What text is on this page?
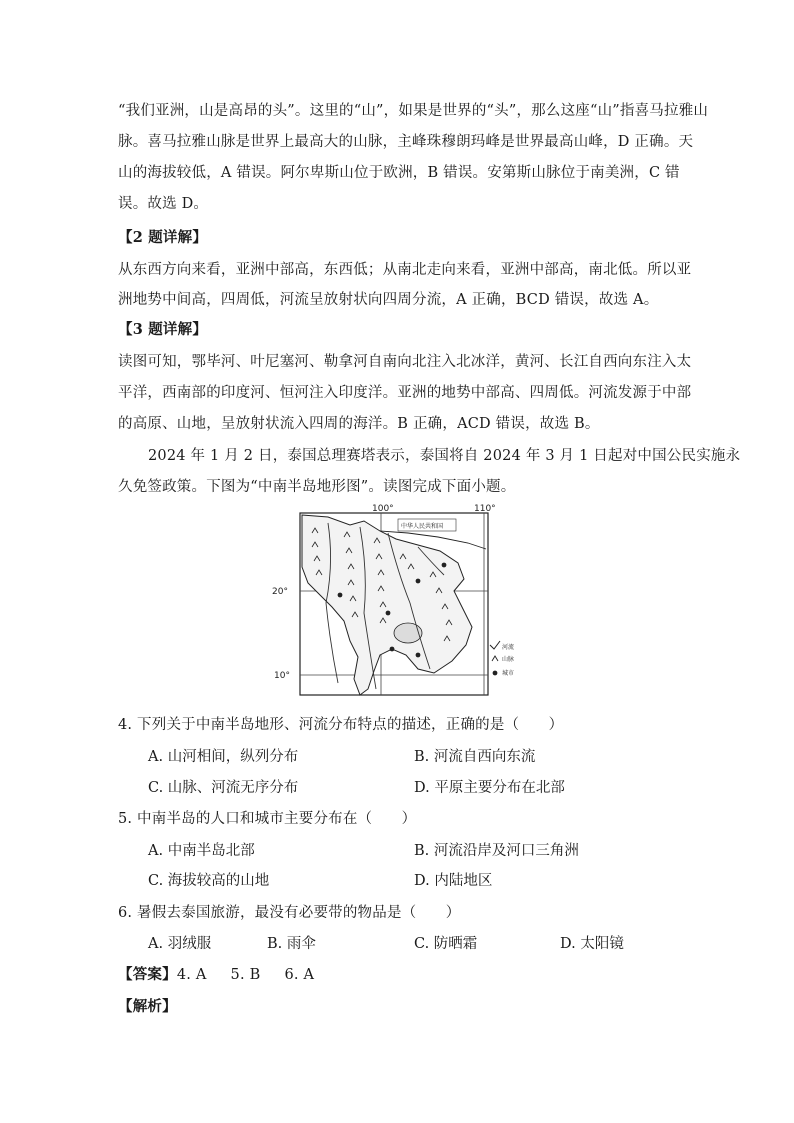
“我们亚洲，山是高昂的头”。这里的“山”，如果是世界的“头”，那么这座“山”指喜马拉雅山
脉。喜马拉雅山脉是世界上最高大的山脉，主峰珠穆朗玛峰是世界最高山峰，D 正确。天
山的海拔较低，A 错误。阿尔卑斯山位于欧洲，B 错误。安第斯山脉位于南美洲，C 错
误。故选 D。
【2 题详解】
从东西方向来看，亚洲中部高，东西低；从南北走向来看，亚洲中部高，南北低。所以亚
洲地势中间高，四周低，河流呈放射状向四周分流，A 正确，BCD 错误，故选 A。
【3 题详解】
读图可知，鄂毕河、叶尼塞河、勒拿河自南向北注入北冰洋，黄河、长江自西向东注入太
平洋，西南部的印度河、恒河注入印度洋。亚洲的地势中部高、四周低。河流发源于中部
的高原、山地，呈放射状流入四周的海洋。B 正确，ACD 错误，故选 B。
2024 年 1 月 2 日，泰国总理赛塔表示，泰国将自 2024 年 3 月 1 日起对中国公民实施永
久免签政策。下图为“中南半岛地形图”。读图完成下面小题。
100°	110°
20°
10°
中华人民共和国
河流
山脉
城市
4. 下列关于中南半岛地形、河流分布特点的描述，正确的是（　　）
A. 山河相间，纵列分布	B. 河流自西向东流
C. 山脉、河流无序分布	D. 平原主要分布在北部
5. 中南半岛的人口和城市主要分布在（　　）
A. 中南半岛北部	B. 河流沿岸及河口三角洲
C. 海拔较高的山地	D. 内陆地区
6. 暑假去泰国旅游，最没有必要带的物品是（　　）
A. 羽绒服	B. 雨伞	C. 防晒霜	D. 太阳镜
【答案】4. A 5. B 6. A
【解析】
